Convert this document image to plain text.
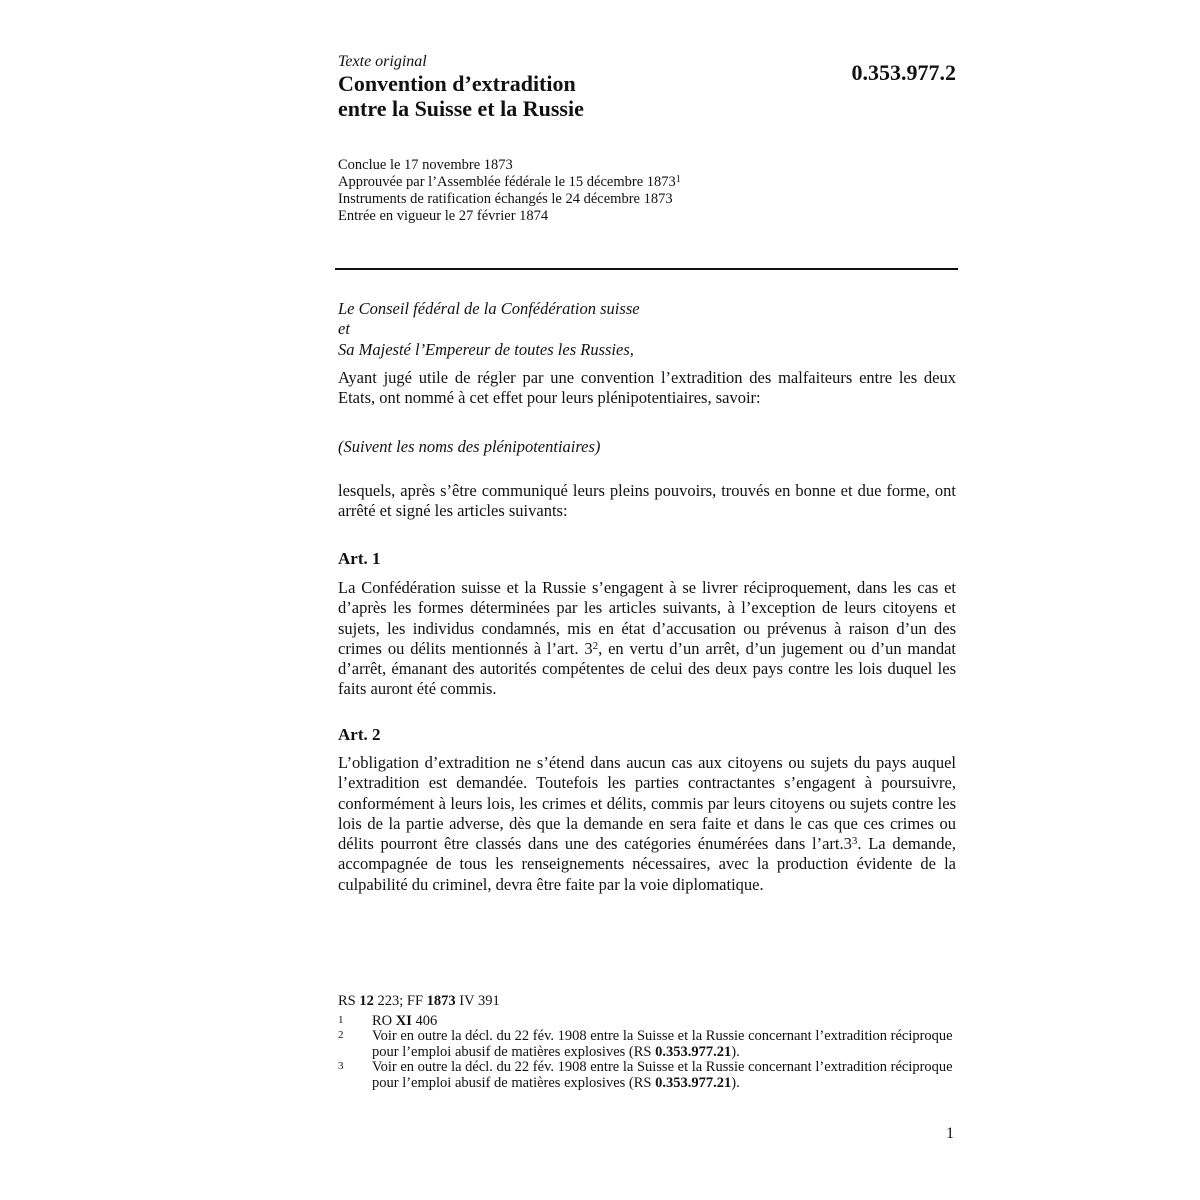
Texte original

Convention d’extradition
entre la Suisse et la Russie
0.353.977.2
Conclue le 17 novembre 1873
Approuvée par l’Assemblée fédérale le 15 décembre 1873$^1$
Instruments de ratification échangés le 24 décembre 1873
Entrée en vigueur le 27 février 1874
Le Conseil fédéral de la Confédération suisse
et
Sa Majesté l’Empereur de toutes les Russies,

Ayant jugé utile de régler par une convention l’extradition des malfaiteurs entre les deux Etats, ont nommé à cet effet pour leurs plénipotentiaires, savoir:

(Suivent les noms des plénipotentiaires)

lesquels, après s’être communiqué leurs pleins pouvoirs, trouvés en bonne et due forme, ont arrêté et signé les articles suivants:

Art. 1

La Confédération suisse et la Russie s’engagent à se livrer réciproquement, dans les cas et d’après les formes déterminées par les articles suivants, à l’exception de leurs citoyens et sujets, les individus condamnés, mis en état d’accusation ou prévenus à raison d’un des crimes ou délits mentionnés à l’art. 3$^2$, en vertu d’un arrêt, d’un jugement ou d’un mandat d’arrêt, émanant des autorités compétentes de celui des deux pays contre les lois duquel les faits auront été commis.

Art. 2

L’obligation d’extradition ne s’étend dans aucun cas aux citoyens ou sujets du pays auquel l’extradition est demandée. Toutefois les parties contractantes s’engagent à poursuivre, conformément à leurs lois, les crimes et délits, commis par leurs citoyens ou sujets contre les lois de la partie adverse, dès que la demande en sera faite et dans le cas que ces crimes ou délits pourront être classés dans une des catégories énumérées dans l’art.3$^3$. La demande, accompagnée de tous les renseignements nécessaires, avec la production évidente de la culpabilité du criminel, devra être faite par la voie diplomatique.

RS 12 223; FF 1873 IV 391
1	RO XI 406
2	Voir en outre la décl. du 22 fév. 1908 entre la Suisse et la Russie concernant l’extradition réciproque pour l’emploi abusif de matières explosives (RS 0.353.977.21).
3	Voir en outre la décl. du 22 fév. 1908 entre la Suisse et la Russie concernant l’extradition réciproque pour l’emploi abusif de matières explosives (RS 0.353.977.21).
1
